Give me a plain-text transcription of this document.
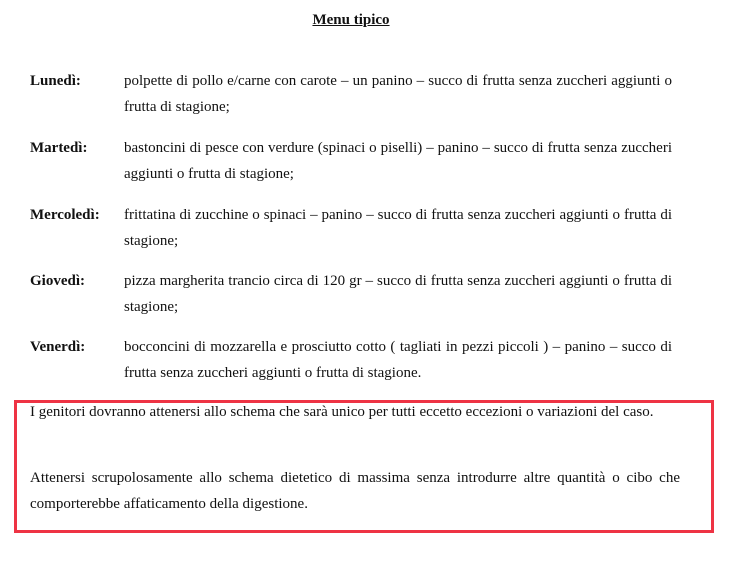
Menu tipico
Lunedì:	polpette di pollo e/carne con carote – un panino – succo di frutta senza zuccheri aggiunti o frutta di stagione;
Martedì: bastoncini di pesce con verdure (spinaci o piselli) – panino – succo di frutta senza zuccheri aggiunti o frutta di stagione;
Mercoledì: frittatina di zucchine o spinaci – panino – succo di frutta senza zuccheri aggiunti o frutta di stagione;
Giovedì:	pizza margherita trancio circa di 120 gr – succo di frutta senza zuccheri aggiunti o frutta di stagione;
Venerdì:	bocconcini di mozzarella e prosciutto cotto ( tagliati in pezzi piccoli ) – panino – succo di frutta senza zuccheri aggiunti o frutta di stagione.
I genitori dovranno attenersi allo schema che sarà unico per tutti eccetto eccezioni o variazioni del caso.
Attenersi scrupolosamente allo schema dietetico di massima senza introdurre altre quantità o cibo che comporterebbe affaticamento della digestione.
